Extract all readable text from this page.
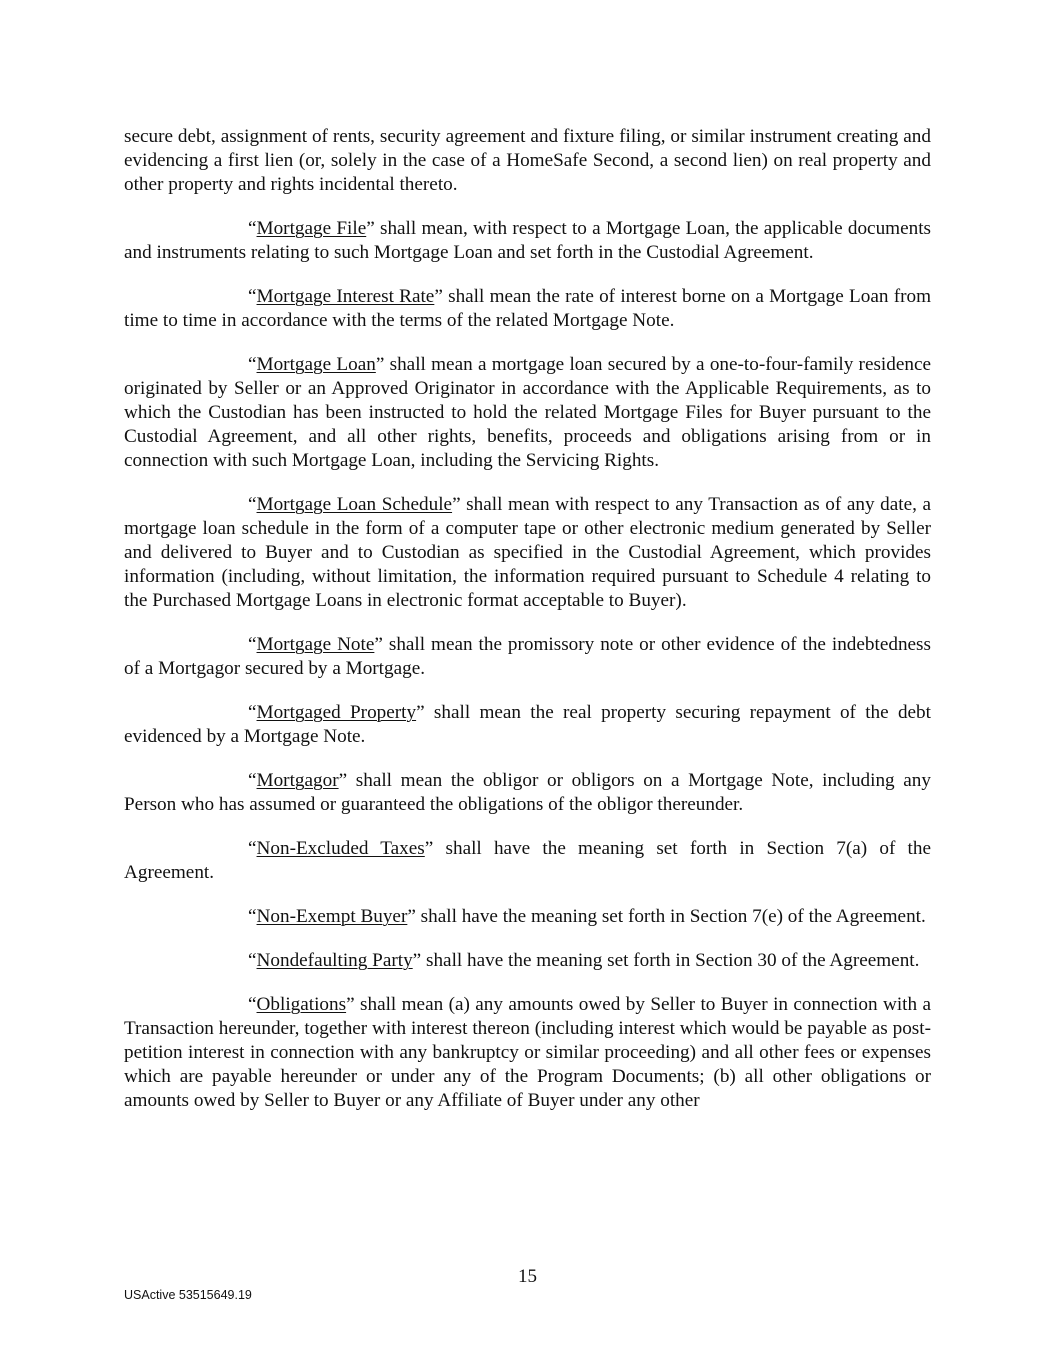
secure debt, assignment of rents, security agreement and fixture filing, or similar instrument creating and evidencing a first lien (or, solely in the case of a HomeSafe Second, a second lien) on real property and other property and rights incidental thereto.

“Mortgage File” shall mean, with respect to a Mortgage Loan, the applicable documents and instruments relating to such Mortgage Loan and set forth in the Custodial Agreement.

“Mortgage Interest Rate” shall mean the rate of interest borne on a Mortgage Loan from time to time in accordance with the terms of the related Mortgage Note.

“Mortgage Loan” shall mean a mortgage loan secured by a one-to-four-family residence originated by Seller or an Approved Originator in accordance with the Applicable Requirements, as to which the Custodian has been instructed to hold the related Mortgage Files for Buyer pursuant to the Custodial Agreement, and all other rights, benefits, proceeds and obligations arising from or in connection with such Mortgage Loan, including the Servicing Rights.

“Mortgage Loan Schedule” shall mean with respect to any Transaction as of any date, a mortgage loan schedule in the form of a computer tape or other electronic medium generated by Seller and delivered to Buyer and to Custodian as specified in the Custodial Agreement, which provides information (including, without limitation, the information required pursuant to Schedule 4 relating to the Purchased Mortgage Loans in electronic format acceptable to Buyer).

“Mortgage Note” shall mean the promissory note or other evidence of the indebtedness of a Mortgagor secured by a Mortgage.

“Mortgaged Property” shall mean the real property securing repayment of the debt evidenced by a Mortgage Note.

“Mortgagor” shall mean the obligor or obligors on a Mortgage Note, including any Person who has assumed or guaranteed the obligations of the obligor thereunder.

“Non-Excluded Taxes” shall have the meaning set forth in Section 7(a) of the Agreement.

“Non-Exempt Buyer” shall have the meaning set forth in Section 7(e) of the Agreement.

“Nondefaulting Party” shall have the meaning set forth in Section 30 of the Agreement.

“Obligations” shall mean (a) any amounts owed by Seller to Buyer in connection with a Transaction hereunder, together with interest thereon (including interest which would be payable as post-petition interest in connection with any bankruptcy or similar proceeding) and all other fees or expenses which are payable hereunder or under any of the Program Documents; (b) all other obligations or amounts owed by Seller to Buyer or any Affiliate of Buyer under any other

15
USActive 53515649.19
